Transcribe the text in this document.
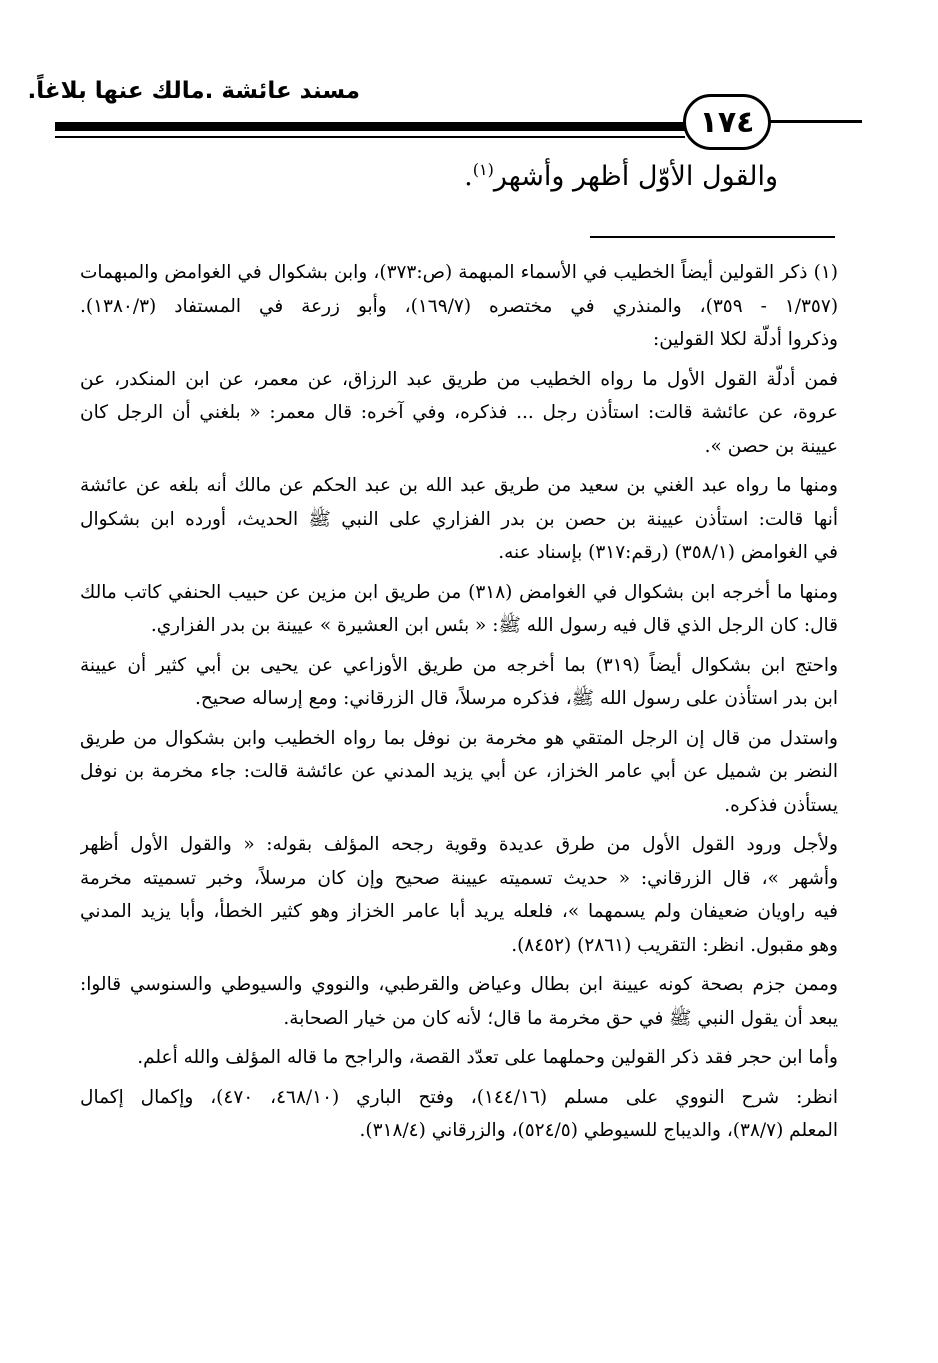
مسند عائشة .مالك عنها بلاغاً.
١٧٤
والقول الأوّل أظهر وأشهر$^{(١)}$.
(١) ذكر القولين أيضاً الخطيب في الأسماء المبهمة (ص:٣٧٣)، وابن بشكوال في الغوامض والمبهمات
(١/٣٥٧ - ٣٥٩)، والمنذري في مختصره (١٦٩/٧)، وأبو زرعة في المستفاد (١٣٨٠/٣).
وذكروا أدلّة لكلا القولين:
فمن أدلّة القول الأول ما رواه الخطيب من طريق عبد الرزاق، عن معمر، عن ابن المنكدر، عن
عروة، عن عائشة قالت: استأذن رجل ... فذكره، وفي آخره: قال معمر: « بلغني أن الرجل كان
عيينة بن حصن ».
ومنها ما رواه عبد الغني بن سعيد من طريق عبد الله بن عبد الحكم عن مالك أنه بلغه عن عائشة
أنها قالت: استأذن عيينة بن حصن بن بدر الفزاري على النبي ﷺ الحديث، أورده ابن بشكوال
في الغوامض (٣٥٨/١) (رقم:٣١٧) بإسناد عنه.
ومنها ما أخرجه ابن بشكوال في الغوامض (٣١٨) من طريق ابن مزين عن حبيب الحنفي كاتب مالك
قال: كان الرجل الذي قال فيه رسول الله ﷺ: « بئس ابن العشيرة » عيينة بن بدر الفزاري.
واحتج ابن بشكوال أيضاً (٣١٩) بما أخرجه من طريق الأوزاعي عن يحيى بن أبي كثير أن عيينة
ابن بدر استأذن على رسول الله ﷺ، فذكره مرسلاً، قال الزرقاني: ومع إرساله صحيح.
واستدل من قال إن الرجل المتقي هو مخرمة بن نوفل بما رواه الخطيب وابن بشكوال من طريق
النضر بن شميل عن أبي عامر الخزاز، عن أبي يزيد المدني عن عائشة قالت: جاء مخرمة بن نوفل
يستأذن فذكره.
ولأجل ورود القول الأول من طرق عديدة وقوية رجحه المؤلف بقوله: « والقول الأول أظهر
وأشهر »، قال الزرقاني: « حديث تسميته عيينة صحيح وإن كان مرسلاً، وخبر تسميته مخرمة
فيه راويان ضعيفان ولم يسمهما »، فلعله يريد أبا عامر الخزاز وهو كثير الخطأ، وأبا يزيد المدني
وهو مقبول. انظر: التقريب (٢٨٦١) (٨٤٥٢).
وممن جزم بصحة كونه عيينة ابن بطال وعياض والقرطبي، والنووي والسيوطي والسنوسي قالوا:
يبعد أن يقول النبي ﷺ في حق مخرمة ما قال؛ لأنه كان من خيار الصحابة.
وأما ابن حجر فقد ذكر القولين وحملهما على تعدّد القصة، والراجح ما قاله المؤلف والله أعلم.
انظر: شرح النووي على مسلم (١٤٤/١٦)، وفتح الباري (٤٦٨/١٠، ٤٧٠)، وإكمال إكمال
المعلم (٣٨/٧)، والديباج للسيوطي (٥٢٤/٥)، والزرقاني (٣١٨/٤).
